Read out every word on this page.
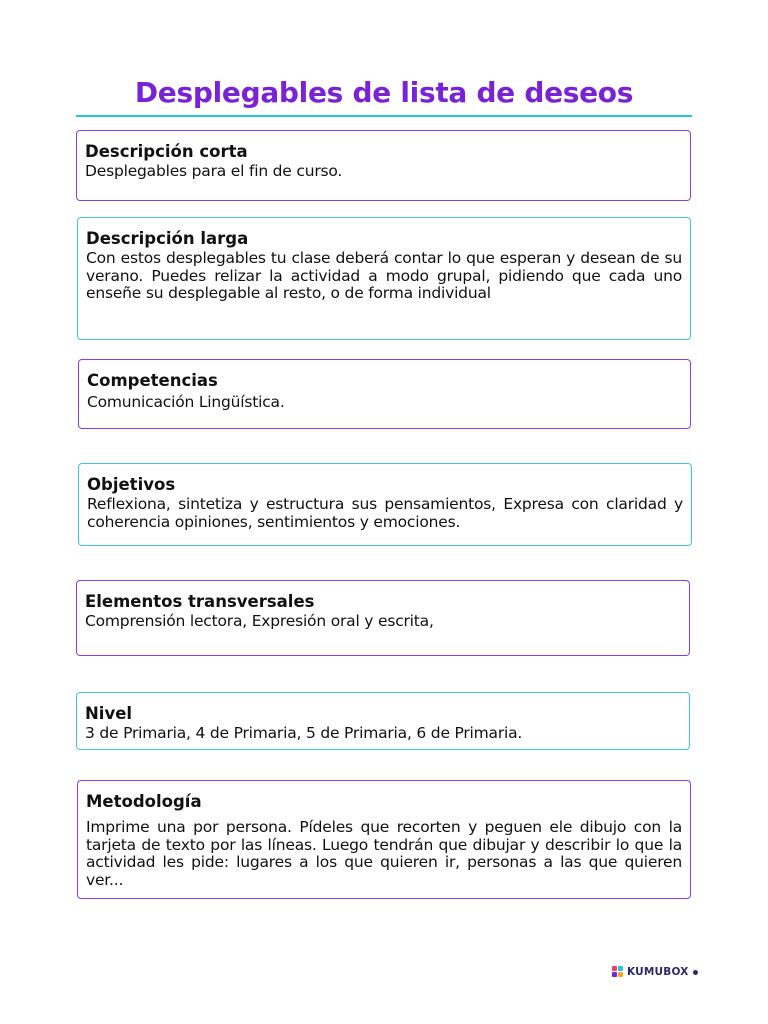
Desplegables de lista de deseos
Descripción corta
Desplegables para el fin de curso.
Descripción larga
Con estos desplegables tu clase deberá contar lo que esperan y desean de su verano. Puedes relizar la actividad a modo grupal, pidiendo que cada uno enseñe su desplegable al resto, o de forma individual
Competencias
Comunicación Lingüística.
Objetivos
Reflexiona, sintetiza y estructura sus pensamientos, Expresa con claridad y coherencia opiniones, sentimientos y emociones.
Elementos transversales
Comprensión lectora, Expresión oral y escrita,
Nivel
3 de Primaria, 4 de Primaria, 5 de Primaria, 6 de Primaria.
Metodología
Imprime una por persona. Pídeles que recorten y peguen ele dibujo con la tarjeta de texto por las líneas. Luego tendrán que dibujar y describir lo que la actividad les pide: lugares a los que quieren ir, personas a las que quieren ver...
KUMUBOX
